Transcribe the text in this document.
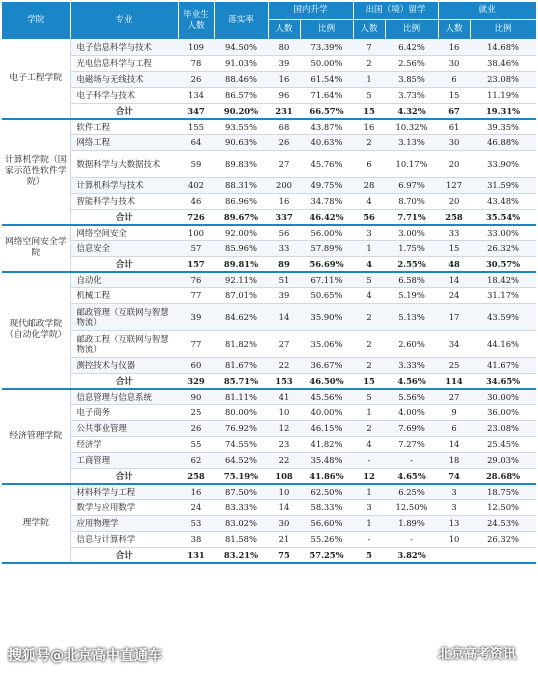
学院	专业	毕业生人数	落实率	国内升学		出国（境）留学		就业	
				人数	比例	人数	比例	人数	比例
电子工程学院	电子信息科学与技术	109	94.50%	80	73.39%	7	6.42%	16	14.68%
	光电信息科学与工程	78	91.03%	39	50.00%	2	2.56%	30	38.46%
	电磁场与无线技术	26	88.46%	16	61.54%	1	3.85%	6	23.08%
	电子科学与技术	134	86.57%	96	71.64%	5	3.73%	15	11.19%
	合计	347	90.20%	231	66.57%	15	4.32%	67	19.31%
计算机学院（国家示范性软件学院）	软件工程	155	93.55%	68	43.87%	16	10.32%	61	39.35%
	网络工程	64	90.63%	26	40.63%	2	3.13%	30	46.88%
	数据科学与大数据技术	59	89.83%	27	45.76%	6	10.17%	20	33.90%
	计算机科学与技术	402	88.31%	200	49.75%	28	6.97%	127	31.59%
	智能科学与技术	46	86.96%	16	34.78%	4	8.70%	20	43.48%
	合计	726	89.67%	337	46.42%	56	7.71%	258	35.54%
网络空间安全学院	网络空间安全	100	92.00%	56	56.00%	3	3.00%	33	33.00%
	信息安全	57	85.96%	33	57.89%	1	1.75%	15	26.32%
	合计	157	89.81%	89	56.69%	4	2.55%	48	30.57%
现代邮政学院（自动化学院）	自动化	76	92.11%	51	67.11%	5	6.58%	14	18.42%
	机械工程	77	87.01%	39	50.65%	4	5.19%	24	31.17%
	邮政管理（互联网与智慧物流）	39	84.62%	14	35.90%	2	5.13%	17	43.59%
	邮政工程（互联网与智慧物流）	77	81.82%	27	35.06%	2	2.60%	34	44.16%
	测控技术与仪器	60	81.67%	22	36.67%	2	3.33%	25	41.67%
	合计	329	85.71%	153	46.50%	15	4.56%	114	34.65%
经济管理学院	信息管理与信息系统	90	81.11%	41	45.56%	5	5.56%	27	30.00%
	电子商务	25	80.00%	10	40.00%	1	4.00%	9	36.00%
	公共事业管理	26	76.92%	12	46.15%	2	7.69%	6	23.08%
	经济学	55	74.55%	23	41.82%	4	7.27%	14	25.45%
	工商管理	62	64.52%	22	35.48%	-	-	18	29.03%
	合计	258	75.19%	108	41.86%	12	4.65%	74	28.68%
理学院	材料科学与工程	16	87.50%	10	62.50%	1	6.25%	3	18.75%
	数学与应用数学	24	83.33%	14	58.33%	3	12.50%	3	12.50%
	应用物理学	53	83.02%	30	56.60%	1	1.89%	13	24.53%
	信息与计算科学	38	81.58%	21	55.26%	-	-	10	26.32%
	合计	131	83.21%	75	57.25%	5	3.82%		
搜狐号@北京高中直通车	北京高考资讯
